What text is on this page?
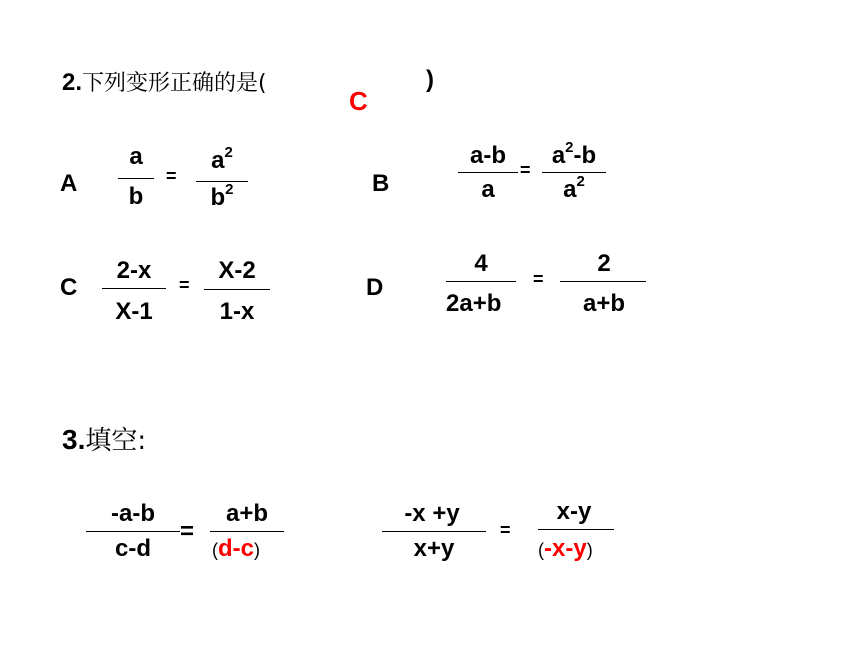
2.下列变形正确的是(	)
C
A
a
b
=
$a^2$
$b^2$	B
a-b
a
=
$a^2-b$
$a^2$
C
2-x
X-1
=
X-2
1-x
D
4
2a+b
=
2
a+b
3.填空:
-a-b
c-d
=
a+b
(d-c)
-x +y
x+y
=
x-y
(-x-y)
